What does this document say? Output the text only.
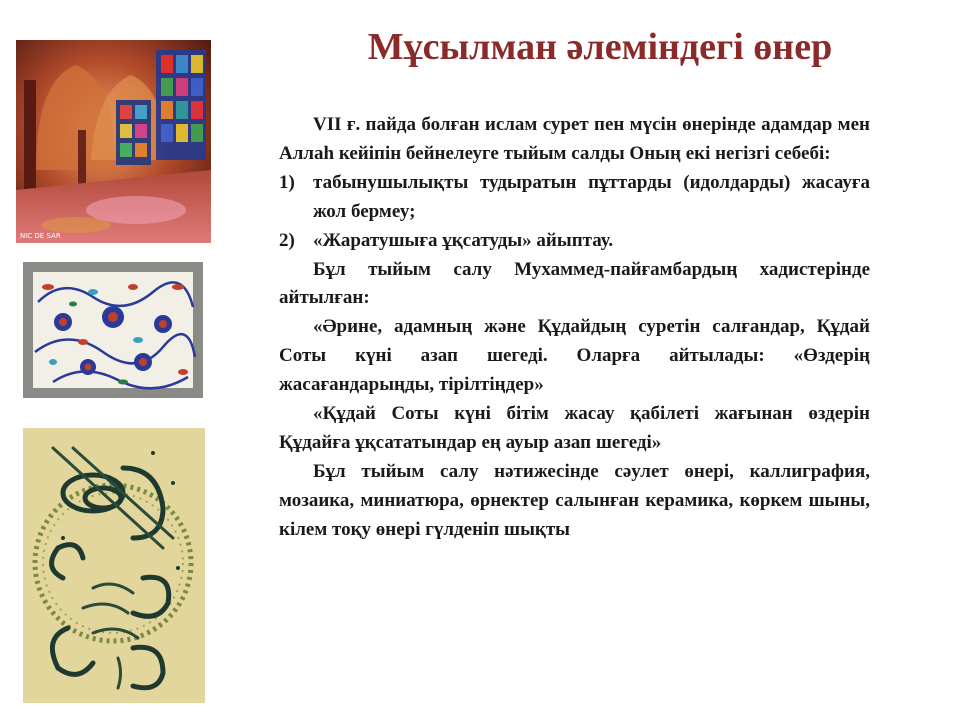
Мұсылман әлеміндегі өнер
NIC DE SAR

VII ғ. пайда болған ислам сурет пен мүсін өнерінде адамдар мен Аллаһ кейіпін бейнелеуге тыйым салды Оның екі негізгі себебі:

1) табынушылықты тудыратын пұттарды (идолдарды) жасауға жол бермеу;
2) «Жаратушыға ұқсатуды» айыптау.

Бұл тыйым салу Мухаммед-пайғамбардың хадистерінде айтылған:

«Әрине, адамның және Құдайдың суретін салғандар, Құдай Соты күні азап шегеді. Оларға айтылады: «Өздерің жасағандарыңды, тірілтіңдер»

«Құдай Соты күні бітім жасау қабілеті жағынан өздерін Құдайға ұқсататындар ең ауыр азап шегеді»

Бұл тыйым салу нәтижесінде сәулет өнері, каллиграфия, мозаика, миниатюра, өрнектер салынған керамика, көркем шыны, кілем тоқу өнері гүлденіп шықты
